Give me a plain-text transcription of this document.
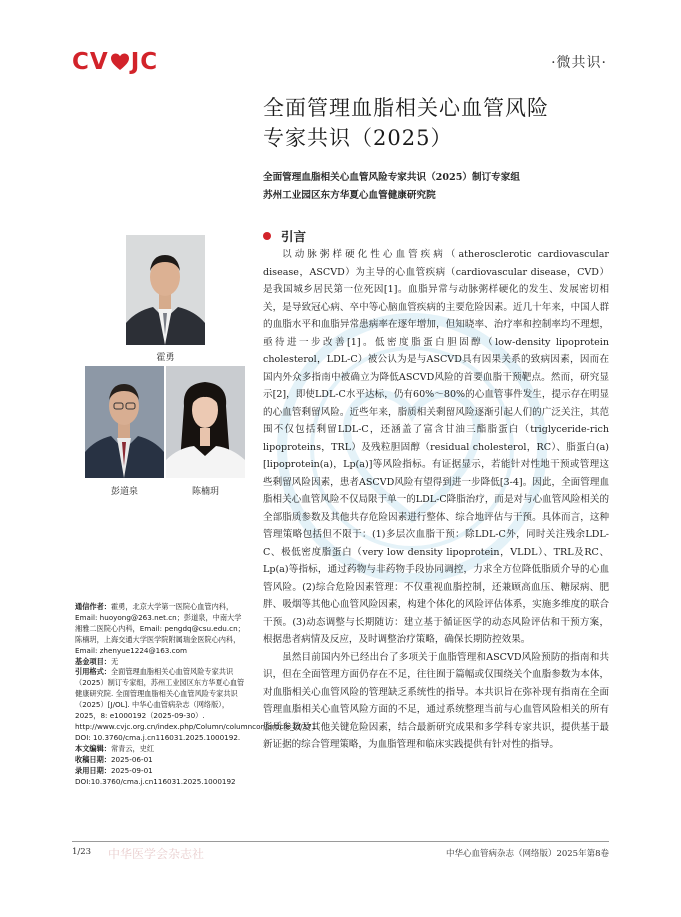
CV JC	·微共识·
全面管理血脂相关心血管风险
专家共识（2025）
全面管理血脂相关心血管风险专家共识（2025）制订专家组
苏州工业园区东方华夏心血管健康研究院
霍勇
彭道泉	陈楠玥

通信作者：霍勇，北京大学第一医院心血管内科，Email: huoyong@263.net.cn；彭道泉，中南大学湘雅二医院心内科，Email: pengdq@csu.edu.cn；陈楠玥，上海交通大学医学院附属瑞金医院心内科，Email: zhenyue1224@163.com

基金项目：无

引用格式：全面管理血脂相关心血管风险专家共识（2025）制订专家组，苏州工业园区东方华夏心血管健康研究院. 全面管理血脂相关心血管风险专家共识（2025）[J/OL]. 中华心血管病杂志（网络版），2025，8: e1000192（2025-09-30）. http://www.cvjc.org.cn/index.php/Column/columncon/article_id/371. DOI: 10.3760/cma.j.cn116031.2025.1000192.

本文编辑：常青云，史红

收稿日期：2025-06-01

录用日期：2025-09-01

DOI:10.3760/cma.j.cn116031.2025.1000192

引言

以动脉粥样硬化性心血管疾病（atherosclerotic cardiovascular disease，ASCVD）为主导的心血管疾病（cardiovascular disease，CVD）是我国城乡居民第一位死因[1]。血脂异常与动脉粥样硬化的发生、发展密切相关，是导致冠心病、卒中等心脑血管疾病的主要危险因素。近几十年来，中国人群的血脂水平和血脂异常患病率在逐年增加，但知晓率、治疗率和控制率均不理想，亟待进一步改善[1]。低密度脂蛋白胆固醇（low-density lipoprotein cholesterol，LDL-C）被公认为是与ASCVD具有因果关系的致病因素，因而在国内外众多指南中被确立为降低ASCVD风险的首要血脂干预靶点。然而，研究显示[2]，即使LDL-C水平达标，仍有60%～80%的心血管事件发生，提示存在明显的心血管剩留风险。近些年来，脂质相关剩留风险逐渐引起人们的广泛关注，其范围不仅包括剩留LDL-C，还涵盖了富含甘油三酯脂蛋白（triglyceride-rich lipoproteins，TRL）及残粒胆固醇（residual cholesterol，RC）、脂蛋白(a)[lipoprotein(a)，Lp(a)]等风险指标。有证据显示，若能针对性地干预或管理这些剩留风险因素，患者ASCVD风险有望得到进一步降低[3-4]。因此，全面管理血脂相关心血管风险不仅局限于单一的LDL-C降脂治疗，而是对与心血管风险相关的全部脂质参数及其他共存危险因素进行整体、综合地评估与干预。具体而言，这种管理策略包括但不限于：(1)多层次血脂干预：除LDL-C外，同时关注残余LDL-C、极低密度脂蛋白（very low density lipoprotein，VLDL）、TRL及RC、Lp(a)等指标，通过药物与非药物手段协同调控，力求全方位降低脂质介导的心血管风险。(2)综合危险因素管理：不仅重视血脂控制，还兼顾高血压、糖尿病、肥胖、吸烟等其他心血管风险因素，构建个体化的风险评估体系，实施多维度的联合干预。(3)动态调整与长期随访：建立基于循证医学的动态风险评估和干预方案，根据患者病情及反应，及时调整治疗策略，确保长期防控效果。

虽然目前国内外已经出台了多项关于血脂管理和ASCVD风险预防的指南和共识，但在全面管理方面仍存在不足，往往囿于篇幅或仅围绕关个血脂参数为本体，对血脂相关心血管风险的管理缺乏系统性的指导。本共识旨在弥补现有指南在全面管理血脂相关心血管风险方面的不足，通过系统整理当前与心血管风险相关的所有脂质参数及其他关键危险因素，结合最新研究成果和多学科专家共识，提供基于最新证据的综合管理策略，为血脂管理和临床实践提供有针对性的指导。

1/23 中华医学会杂志社	中华心血管病杂志（网络版）2025年第8卷
